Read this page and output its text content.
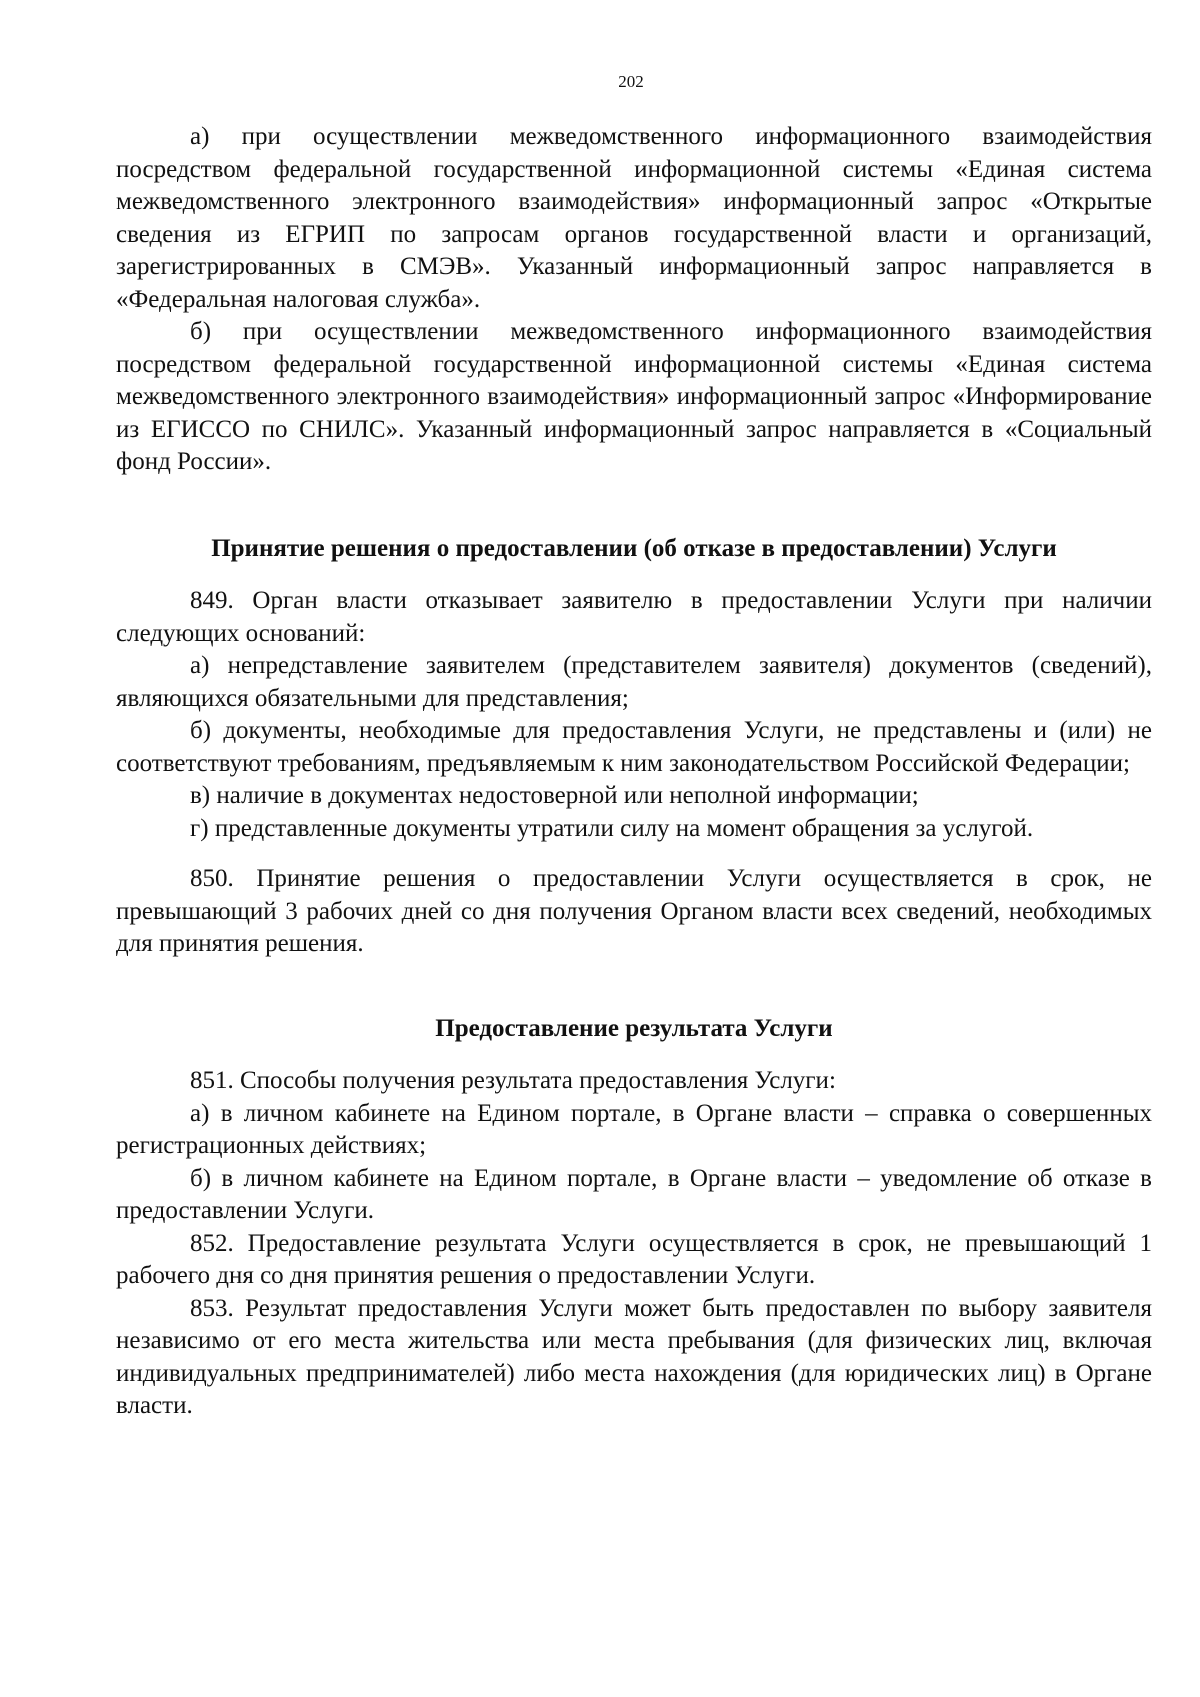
202

а) при осуществлении межведомственного информационного взаимодействия посредством федеральной государственной информационной системы «Единая система межведомственного электронного взаимодействия» информационный запрос «Открытые сведения из ЕГРИП по запросам органов государственной власти и организаций, зарегистрированных в СМЭВ». Указанный информационный запрос направляется в «Федеральная налоговая служба».

б) при осуществлении межведомственного информационного взаимодействия посредством федеральной государственной информационной системы «Единая система межведомственного электронного взаимодействия» информационный запрос «Информирование из ЕГИССО по СНИЛС». Указанный информационный запрос направляется в «Социальный фонд России».

Принятие решения о предоставлении (об отказе в предоставлении) Услуги

849. Орган власти отказывает заявителю в предоставлении Услуги при наличии следующих оснований:

а) непредставление заявителем (представителем заявителя) документов (сведений), являющихся обязательными для представления;

б) документы, необходимые для предоставления Услуги, не представлены и (или) не соответствуют требованиям, предъявляемым к ним законодательством Российской Федерации;

в) наличие в документах недостоверной или неполной информации;

г) представленные документы утратили силу на момент обращения за услугой.

850. Принятие решения о предоставлении Услуги осуществляется в срок, не превышающий 3 рабочих дней со дня получения Органом власти всех сведений, необходимых для принятия решения.

Предоставление результата Услуги

851. Способы получения результата предоставления Услуги:

а) в личном кабинете на Едином портале, в Органе власти – справка о совершенных регистрационных действиях;

б) в личном кабинете на Едином портале, в Органе власти – уведомление об отказе в предоставлении Услуги.

852. Предоставление результата Услуги осуществляется в срок, не превышающий 1 рабочего дня со дня принятия решения о предоставлении Услуги.

853. Результат предоставления Услуги может быть предоставлен по выбору заявителя независимо от его места жительства или места пребывания (для физических лиц, включая индивидуальных предпринимателей) либо места нахождения (для юридических лиц) в Органе власти.
